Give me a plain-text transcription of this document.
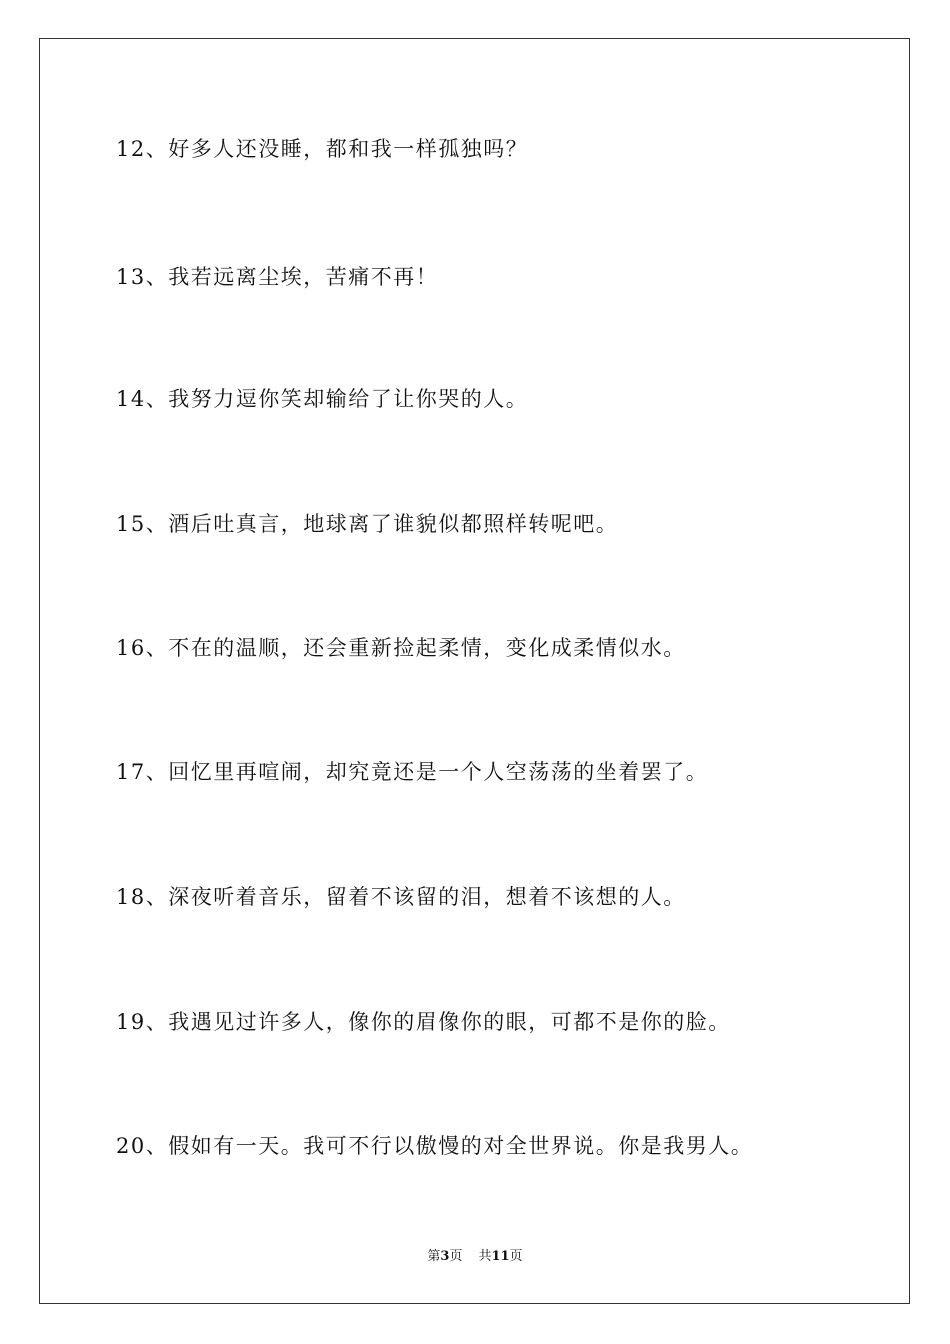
12、好多人还没睡，都和我一样孤独吗？
13、我若远离尘埃，苦痛不再！
14、我努力逗你笑却输给了让你哭的人。
15、酒后吐真言，地球离了谁貌似都照样转呢吧。
16、不在的温顺，还会重新捡起柔情，变化成柔情似水。
17、回忆里再喧闹，却究竟还是一个人空荡荡的坐着罢了。
18、深夜听着音乐，留着不该留的泪，想着不该想的人。
19、我遇见过许多人，像你的眉像你的眼，可都不是你的脸。
20、假如有一天。我可不行以傲慢的对全世界说。你是我男人。
第3页 共11页
